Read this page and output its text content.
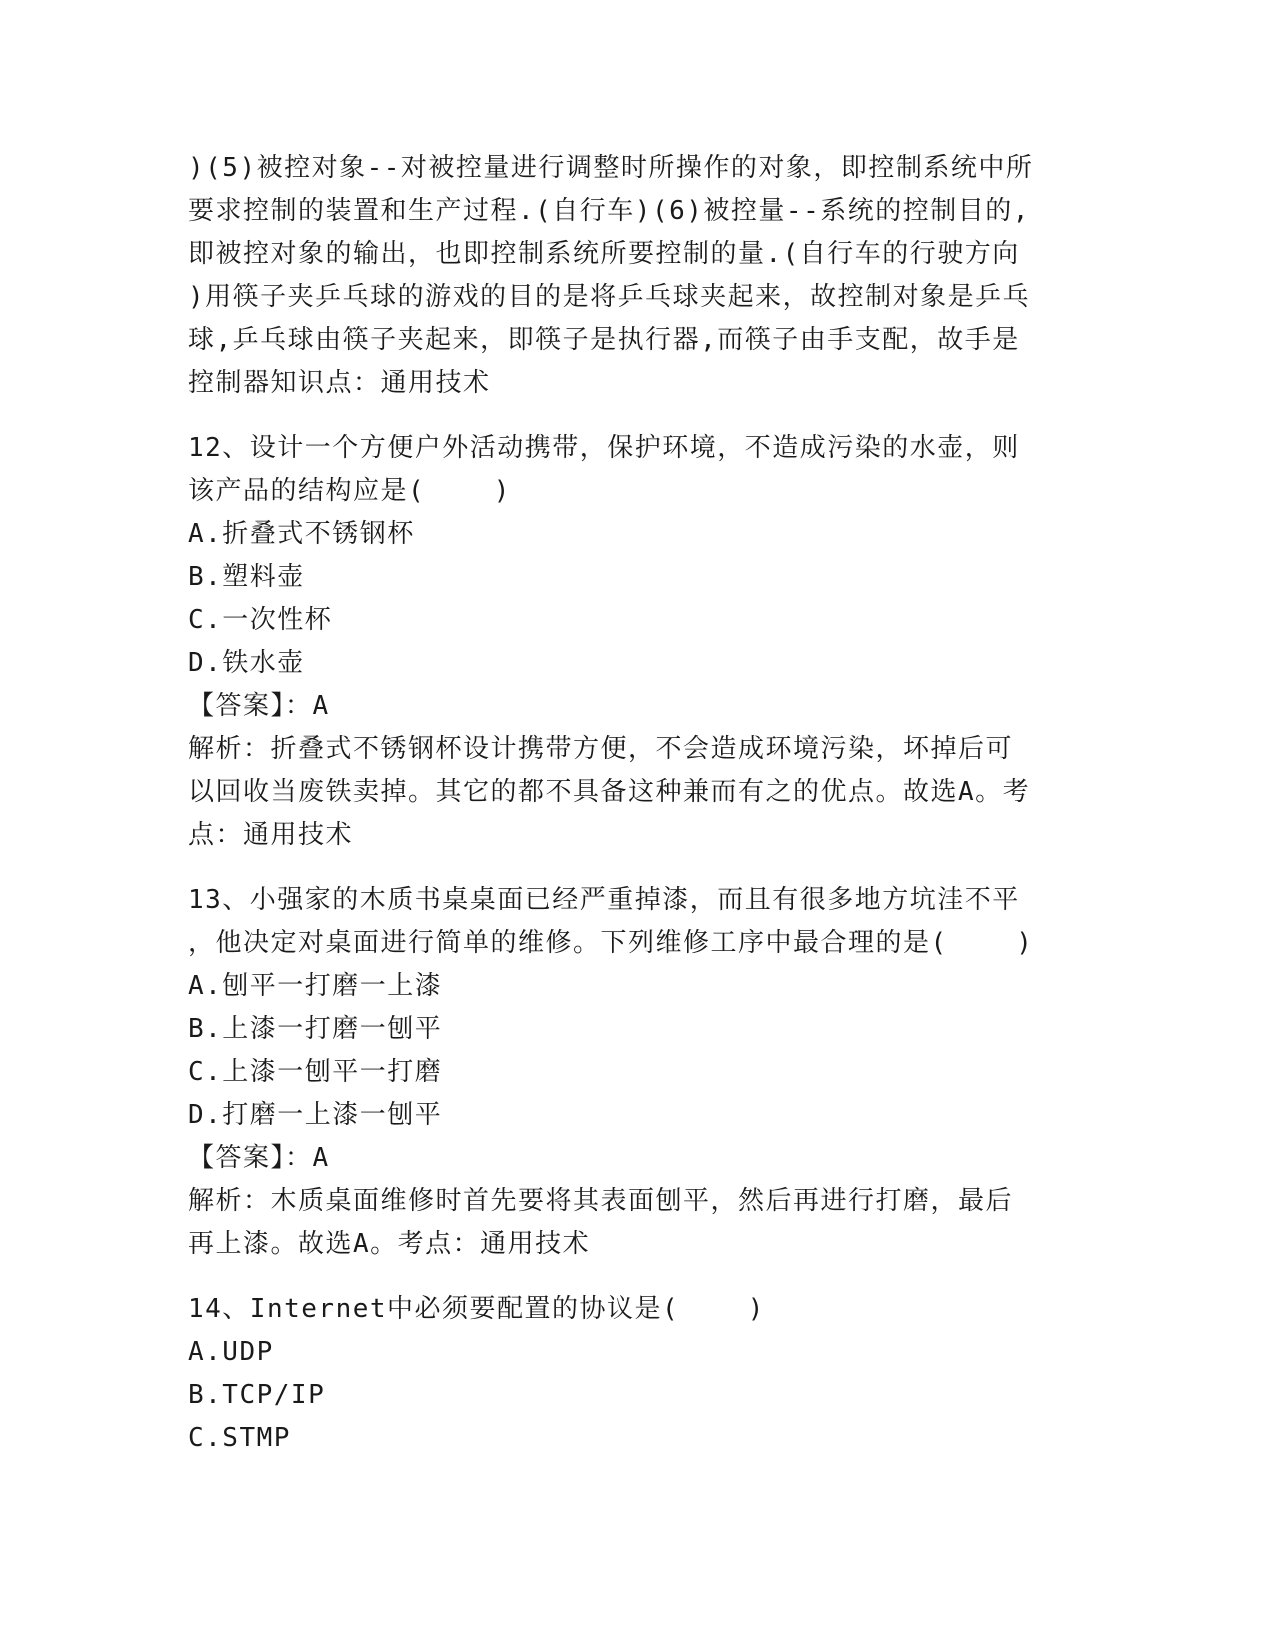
)(5)被控对象--对被控量进行调整时所操作的对象，即控制系统中所
要求控制的装置和生产过程.(自行车)(6)被控量--系统的控制目的,
即被控对象的输出，也即控制系统所要控制的量.(自行车的行驶方向
)用筷子夹乒乓球的游戏的目的是将乒乓球夹起来，故控制对象是乒乓
球,乒乓球由筷子夹起来，即筷子是执行器,而筷子由手支配，故手是
控制器知识点：通用技术
12、设计一个方便户外活动携带，保护环境，不造成污染的水壶，则
该产品的结构应是(    )
A.折叠式不锈钢杯
B.塑料壶
C.一次性杯
D.铁水壶
【答案】：A
解析：折叠式不锈钢杯设计携带方便，不会造成环境污染，坏掉后可
以回收当废铁卖掉。其它的都不具备这种兼而有之的优点。故选A。考
点：通用技术
13、小强家的木质书桌桌面已经严重掉漆，而且有很多地方坑洼不平
，他决定对桌面进行简单的维修。下列维修工序中最合理的是(    )
A.刨平一打磨一上漆
B.上漆一打磨一刨平
C.上漆一刨平一打磨
D.打磨一上漆一刨平
【答案】：A
解析：木质桌面维修时首先要将其表面刨平，然后再进行打磨，最后
再上漆。故选A。考点：通用技术
14、Internet中必须要配置的协议是(    )
A.UDP
B.TCP/IP
C.STMP
